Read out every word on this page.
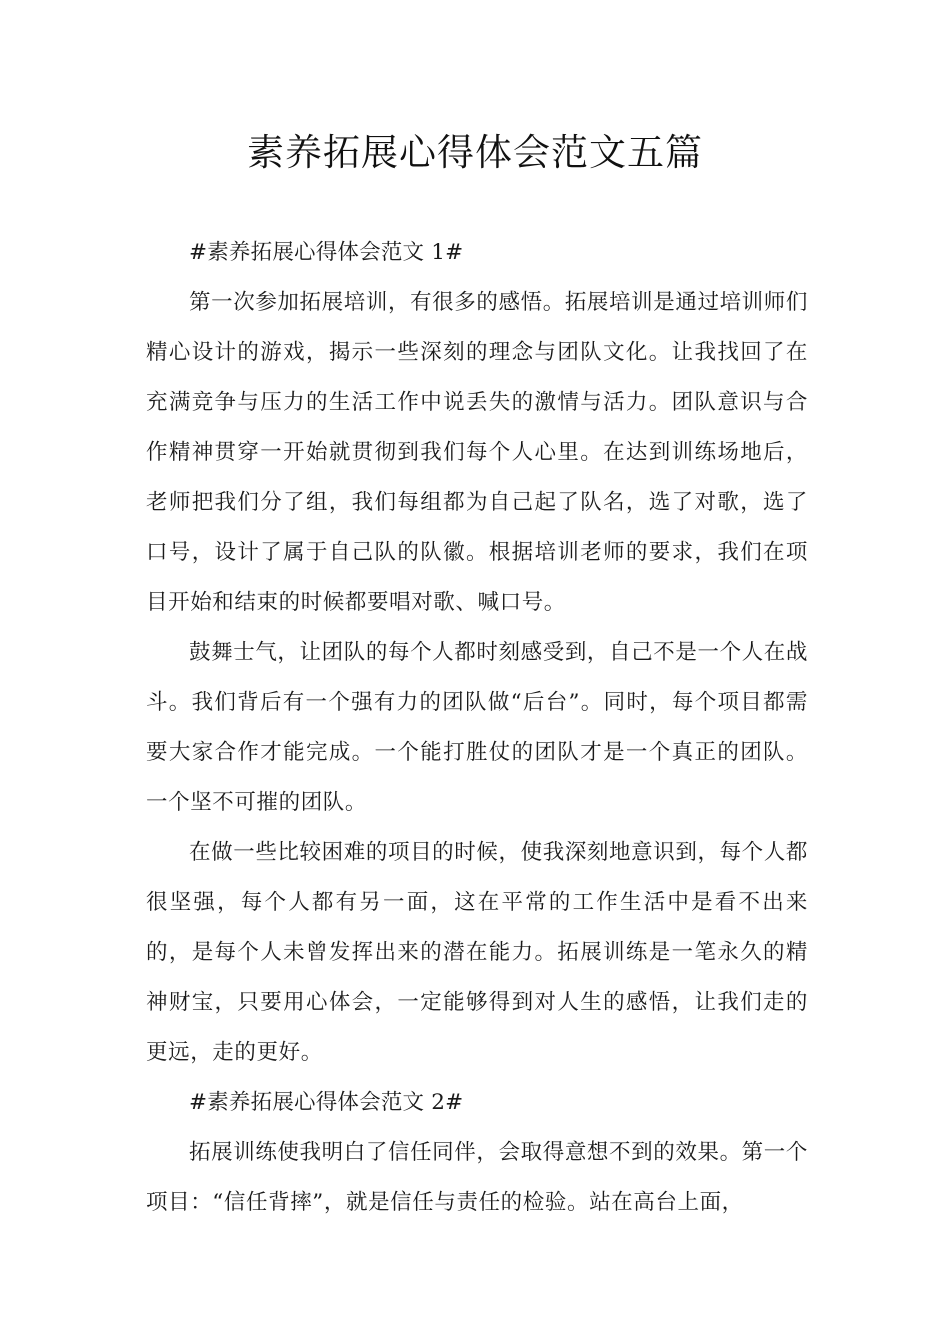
素养拓展心得体会范文五篇

#素养拓展心得体会范文 1#

第一次参加拓展培训，有很多的感悟。拓展培训是通过培训师们精心设计的游戏，揭示一些深刻的理念与团队文化。让我找回了在充满竞争与压力的生活工作中说丢失的激情与活力。团队意识与合作精神贯穿一开始就贯彻到我们每个人心里。在达到训练场地后，老师把我们分了组，我们每组都为自己起了队名，选了对歌，选了口号，设计了属于自己队的队徽。根据培训老师的要求，我们在项目开始和结束的时候都要唱对歌、喊口号。

鼓舞士气，让团队的每个人都时刻感受到，自己不是一个人在战斗。我们背后有一个强有力的团队做“后台”。同时，每个项目都需要大家合作才能完成。一个能打胜仗的团队才是一个真正的团队。一个坚不可摧的团队。

在做一些比较困难的项目的时候，使我深刻地意识到，每个人都很坚强，每个人都有另一面，这在平常的工作生活中是看不出来的，是每个人未曾发挥出来的潜在能力。拓展训练是一笔永久的精神财宝，只要用心体会，一定能够得到对人生的感悟，让我们走的更远，走的更好。

#素养拓展心得体会范文 2#

拓展训练使我明白了信任同伴，会取得意想不到的效果。第一个项目：“信任背摔”，就是信任与责任的检验。站在高台上面，
